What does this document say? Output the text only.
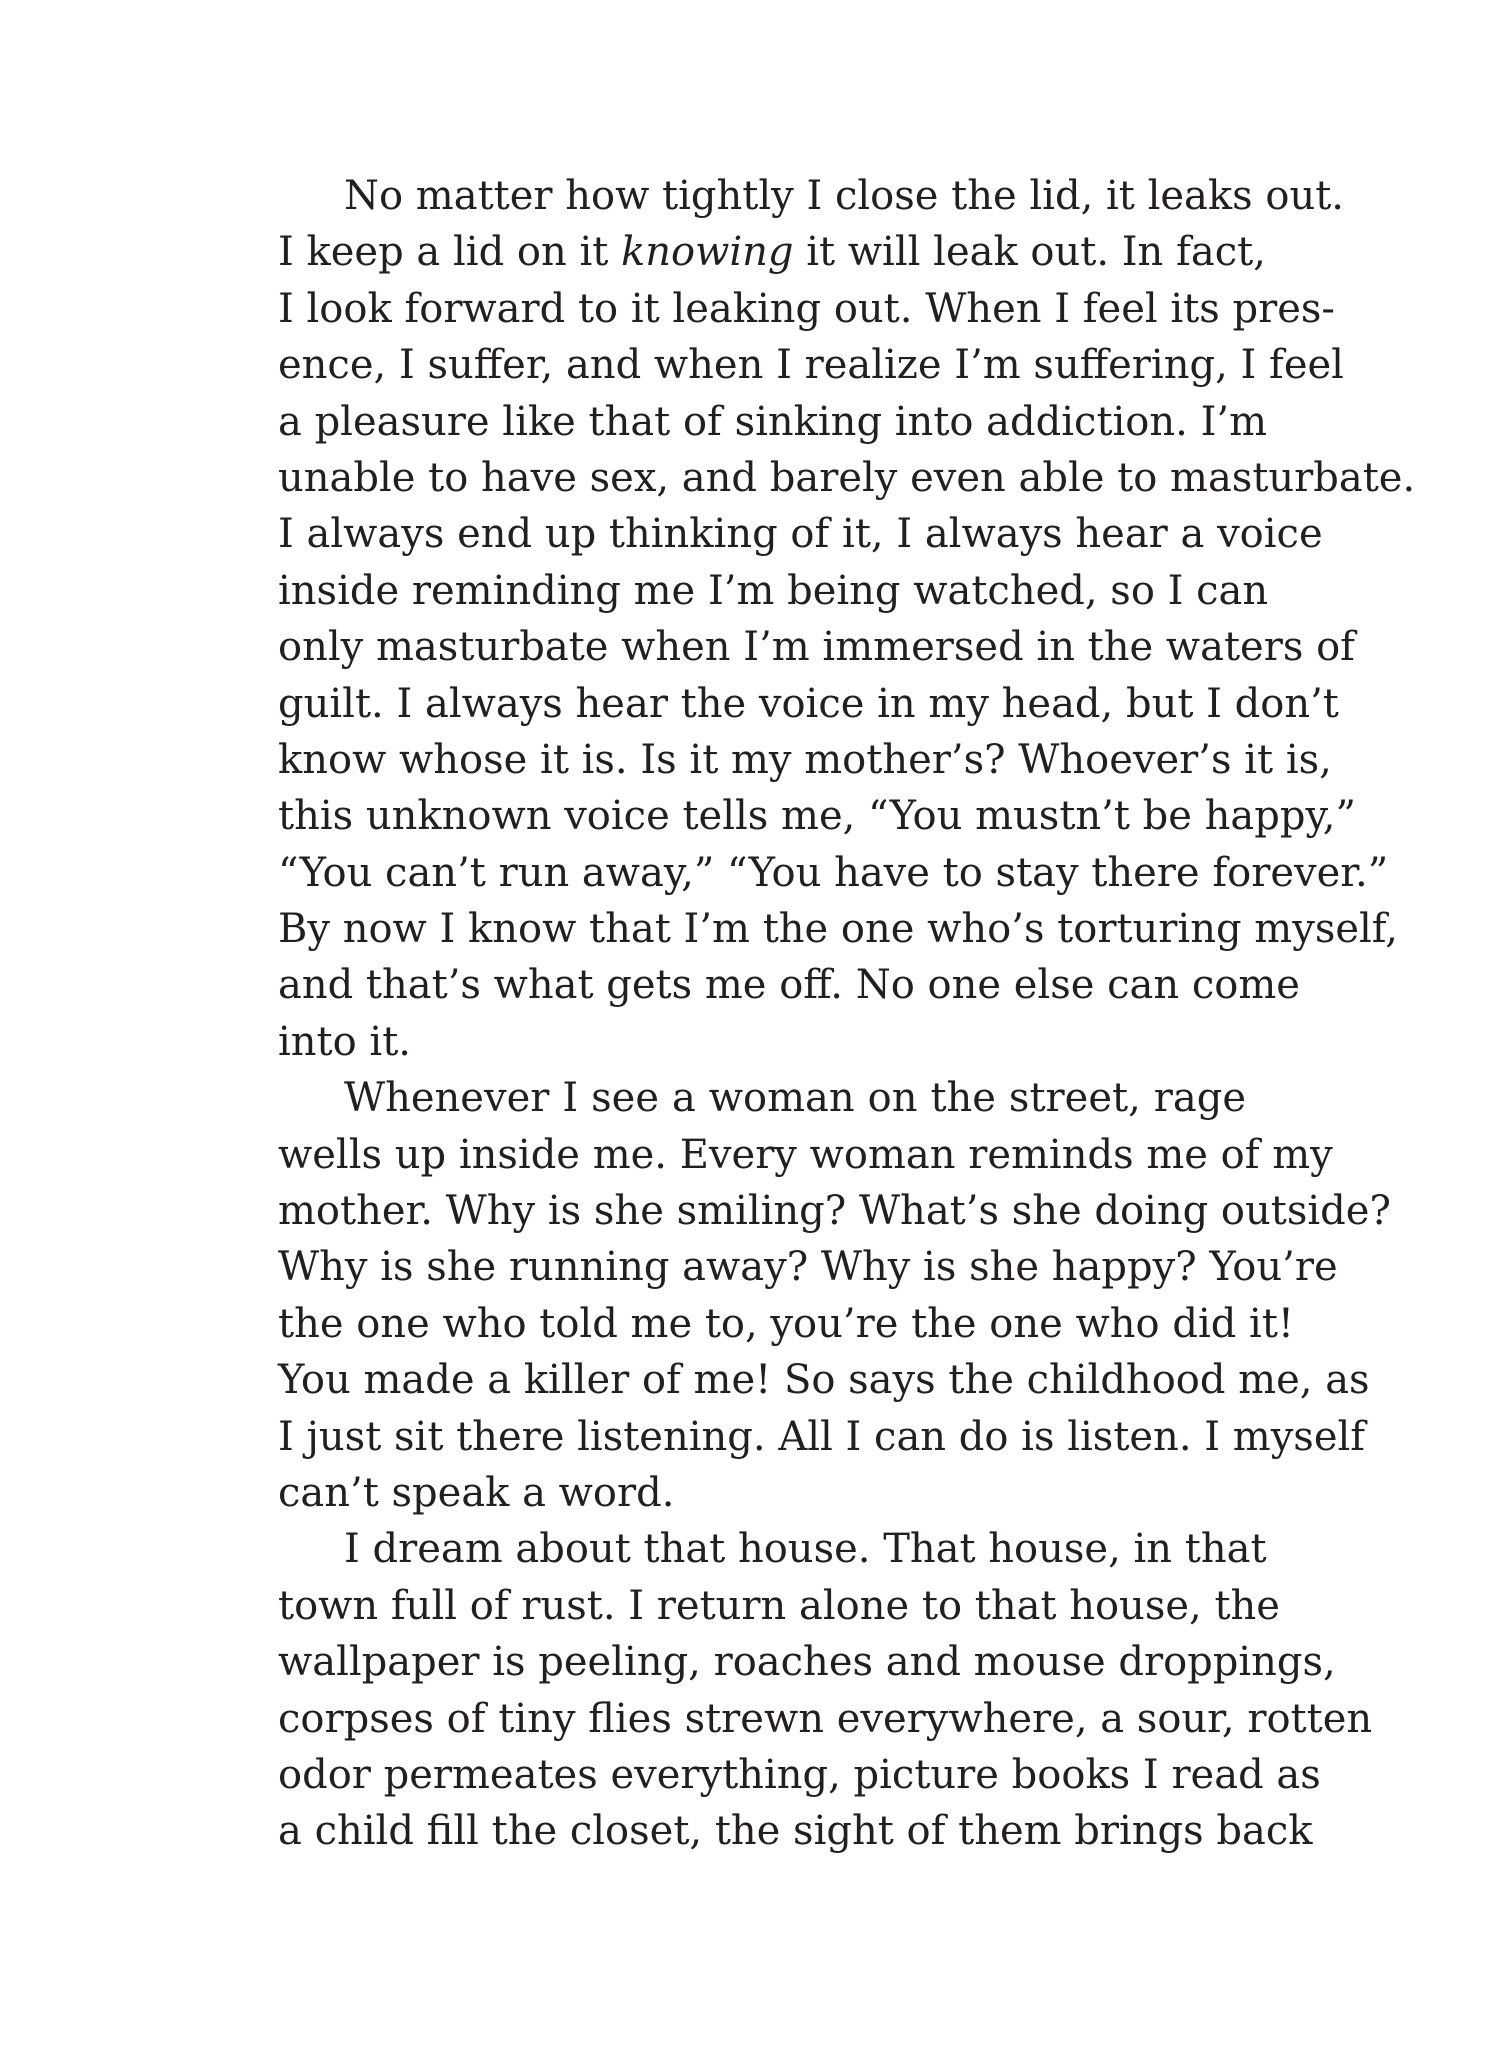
No matter how tightly I close the lid, it leaks out.
I keep a lid on it knowing it will leak out. In fact,
I look forward to it leaking out. When I feel its pres-
ence, I suffer, and when I realize I’m suffering, I feel
a pleasure like that of sinking into addiction. I’m
unable to have sex, and barely even able to masturbate.
I always end up thinking of it, I always hear a voice
inside reminding me I’m being watched, so I can
only masturbate when I’m immersed in the waters of
guilt. I always hear the voice in my head, but I don’t
know whose it is. Is it my mother’s? Whoever’s it is,
this unknown voice tells me, “You mustn’t be happy,”
“You can’t run away,” “You have to stay there forever.”
By now I know that I’m the one who’s torturing myself,
and that’s what gets me off. No one else can come
into it.
Whenever I see a woman on the street, rage
wells up inside me. Every woman reminds me of my
mother. Why is she smiling? What’s she doing outside?
Why is she running away? Why is she happy? You’re
the one who told me to, you’re the one who did it!
You made a killer of me! So says the childhood me, as
I just sit there listening. All I can do is listen. I myself
can’t speak a word.
I dream about that house. That house, in that
town full of rust. I return alone to that house, the
wallpaper is peeling, roaches and mouse droppings,
corpses of tiny flies strewn everywhere, a sour, rotten
odor permeates everything, picture books I read as
a child fill the closet, the sight of them brings back
